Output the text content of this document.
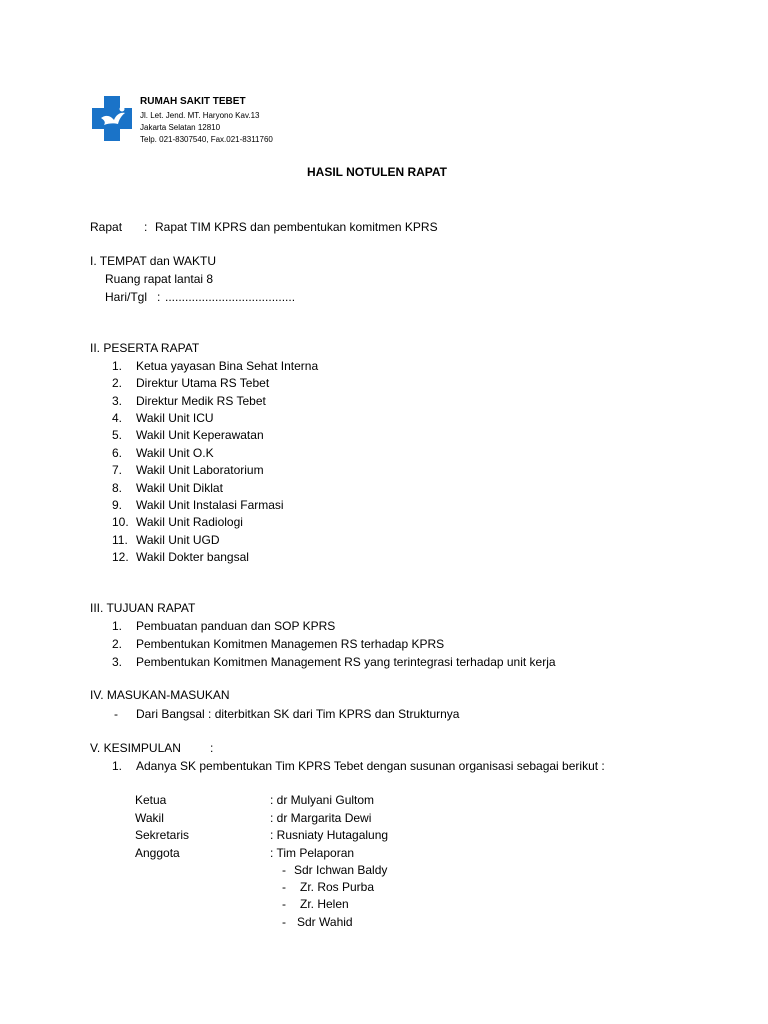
RUMAH SAKIT TEBET
Jl. Let. Jend. MT. Haryono Kav.13
Jakarta Selatan 12810
Telp. 021-8307540, Fax.021-8311760
HASIL NOTULEN RAPAT
Rapat : Rapat TIM KPRS dan pembentukan komitmen KPRS
I. TEMPAT dan WAKTU
Ruang rapat lantai 8
Hari/Tgl : .......................................
II. PESERTA RAPAT
1. Ketua yayasan Bina Sehat Interna
2. Direktur Utama RS Tebet
3. Direktur Medik RS Tebet
4. Wakil Unit ICU
5. Wakil Unit Keperawatan
6. Wakil Unit O.K
7. Wakil Unit Laboratorium
8. Wakil Unit Diklat
9. Wakil Unit Instalasi Farmasi
10. Wakil Unit Radiologi
11. Wakil Unit UGD
12. Wakil Dokter bangsal
III. TUJUAN RAPAT
1. Pembuatan panduan dan SOP KPRS
2. Pembentukan Komitmen Managemen RS terhadap KPRS
3. Pembentukan Komitmen Management RS yang terintegrasi terhadap unit kerja
IV. MASUKAN-MASUKAN
- Dari Bangsal : diterbitkan SK dari Tim KPRS dan Strukturnya
V. KESIMPULAN :
1. Adanya SK pembentukan Tim KPRS Tebet dengan susunan organisasi sebagai berikut :
Ketua	: dr Mulyani Gultom
Wakil	: dr Margarita Dewi
Sekretaris	: Rusniaty Hutagalung
Anggota	: Tim Pelaporan
- Sdr Ichwan Baldy
- Zr. Ros Purba
- Zr. Helen
- Sdr Wahid
